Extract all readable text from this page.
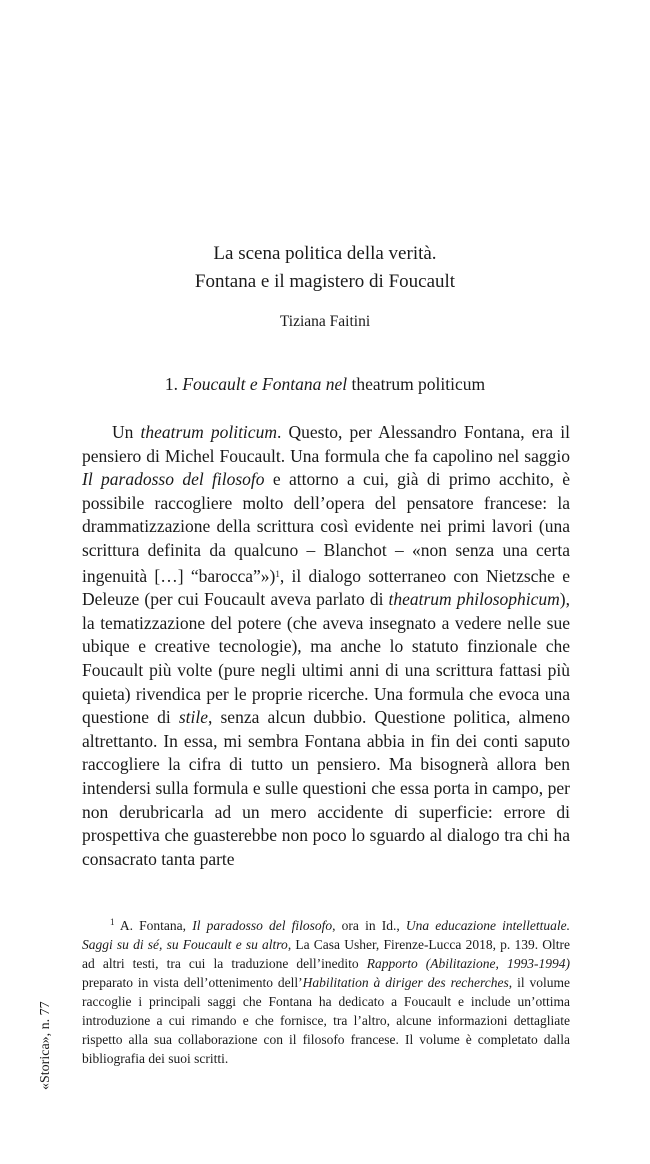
La scena politica della verità.
Fontana e il magistero di Foucault
Tiziana Faitini
1. Foucault e Fontana nel theatrum politicum

Un theatrum politicum. Questo, per Alessandro Fontana, era il pensiero di Michel Foucault. Una formula che fa capolino nel saggio Il paradosso del filosofo e attorno a cui, già di primo acchito, è possibile raccogliere molto dell’opera del pensatore francese: la drammatizzazione della scrittura così evidente nei primi lavori (una scrittura definita da qualcuno – Blanchot – «non senza una certa ingenuità […] “barocca”»)$^1$, il dialogo sotterraneo con Nietzsche e Deleuze (per cui Foucault aveva parlato di theatrum philosophicum), la tematizzazione del potere (che aveva insegnato a vedere nelle sue ubique e creative tecnologie), ma anche lo statuto finzionale che Foucault più volte (pure negli ultimi anni di una scrittura fattasi più quieta) rivendica per le proprie ricerche. Una formula che evoca una questione di stile, senza alcun dubbio. Questione politica, almeno altrettanto. In essa, mi sembra Fontana abbia in fin dei conti saputo raccogliere la cifra di tutto un pensiero. Ma bisognerà allora ben intendersi sulla formula e sulle questioni che essa porta in campo, per non derubricarla ad un mero accidente di superficie: errore di prospettiva che guasterebbe non poco lo sguardo al dialogo tra chi ha consacrato tanta parte

$^1$ A. Fontana, Il paradosso del filosofo, ora in Id., Una educazione intellettuale. Saggi su di sé, su Foucault e su altro, La Casa Usher, Firenze-Lucca 2018, p. 139. Oltre ad altri testi, tra cui la traduzione dell’inedito Rapporto (Abilitazione, 1993-1994) preparato in vista dell’ottenimento dell’Habilitation à diriger des recherches, il volume raccoglie i principali saggi che Fontana ha dedicato a Foucault e include un’ottima introduzione a cui rimando e che fornisce, tra l’altro, alcune informazioni dettagliate rispetto alla sua collaborazione con il filosofo francese. Il volume è completato dalla bibliografia dei suoi scritti.

«Storica», n. 77
